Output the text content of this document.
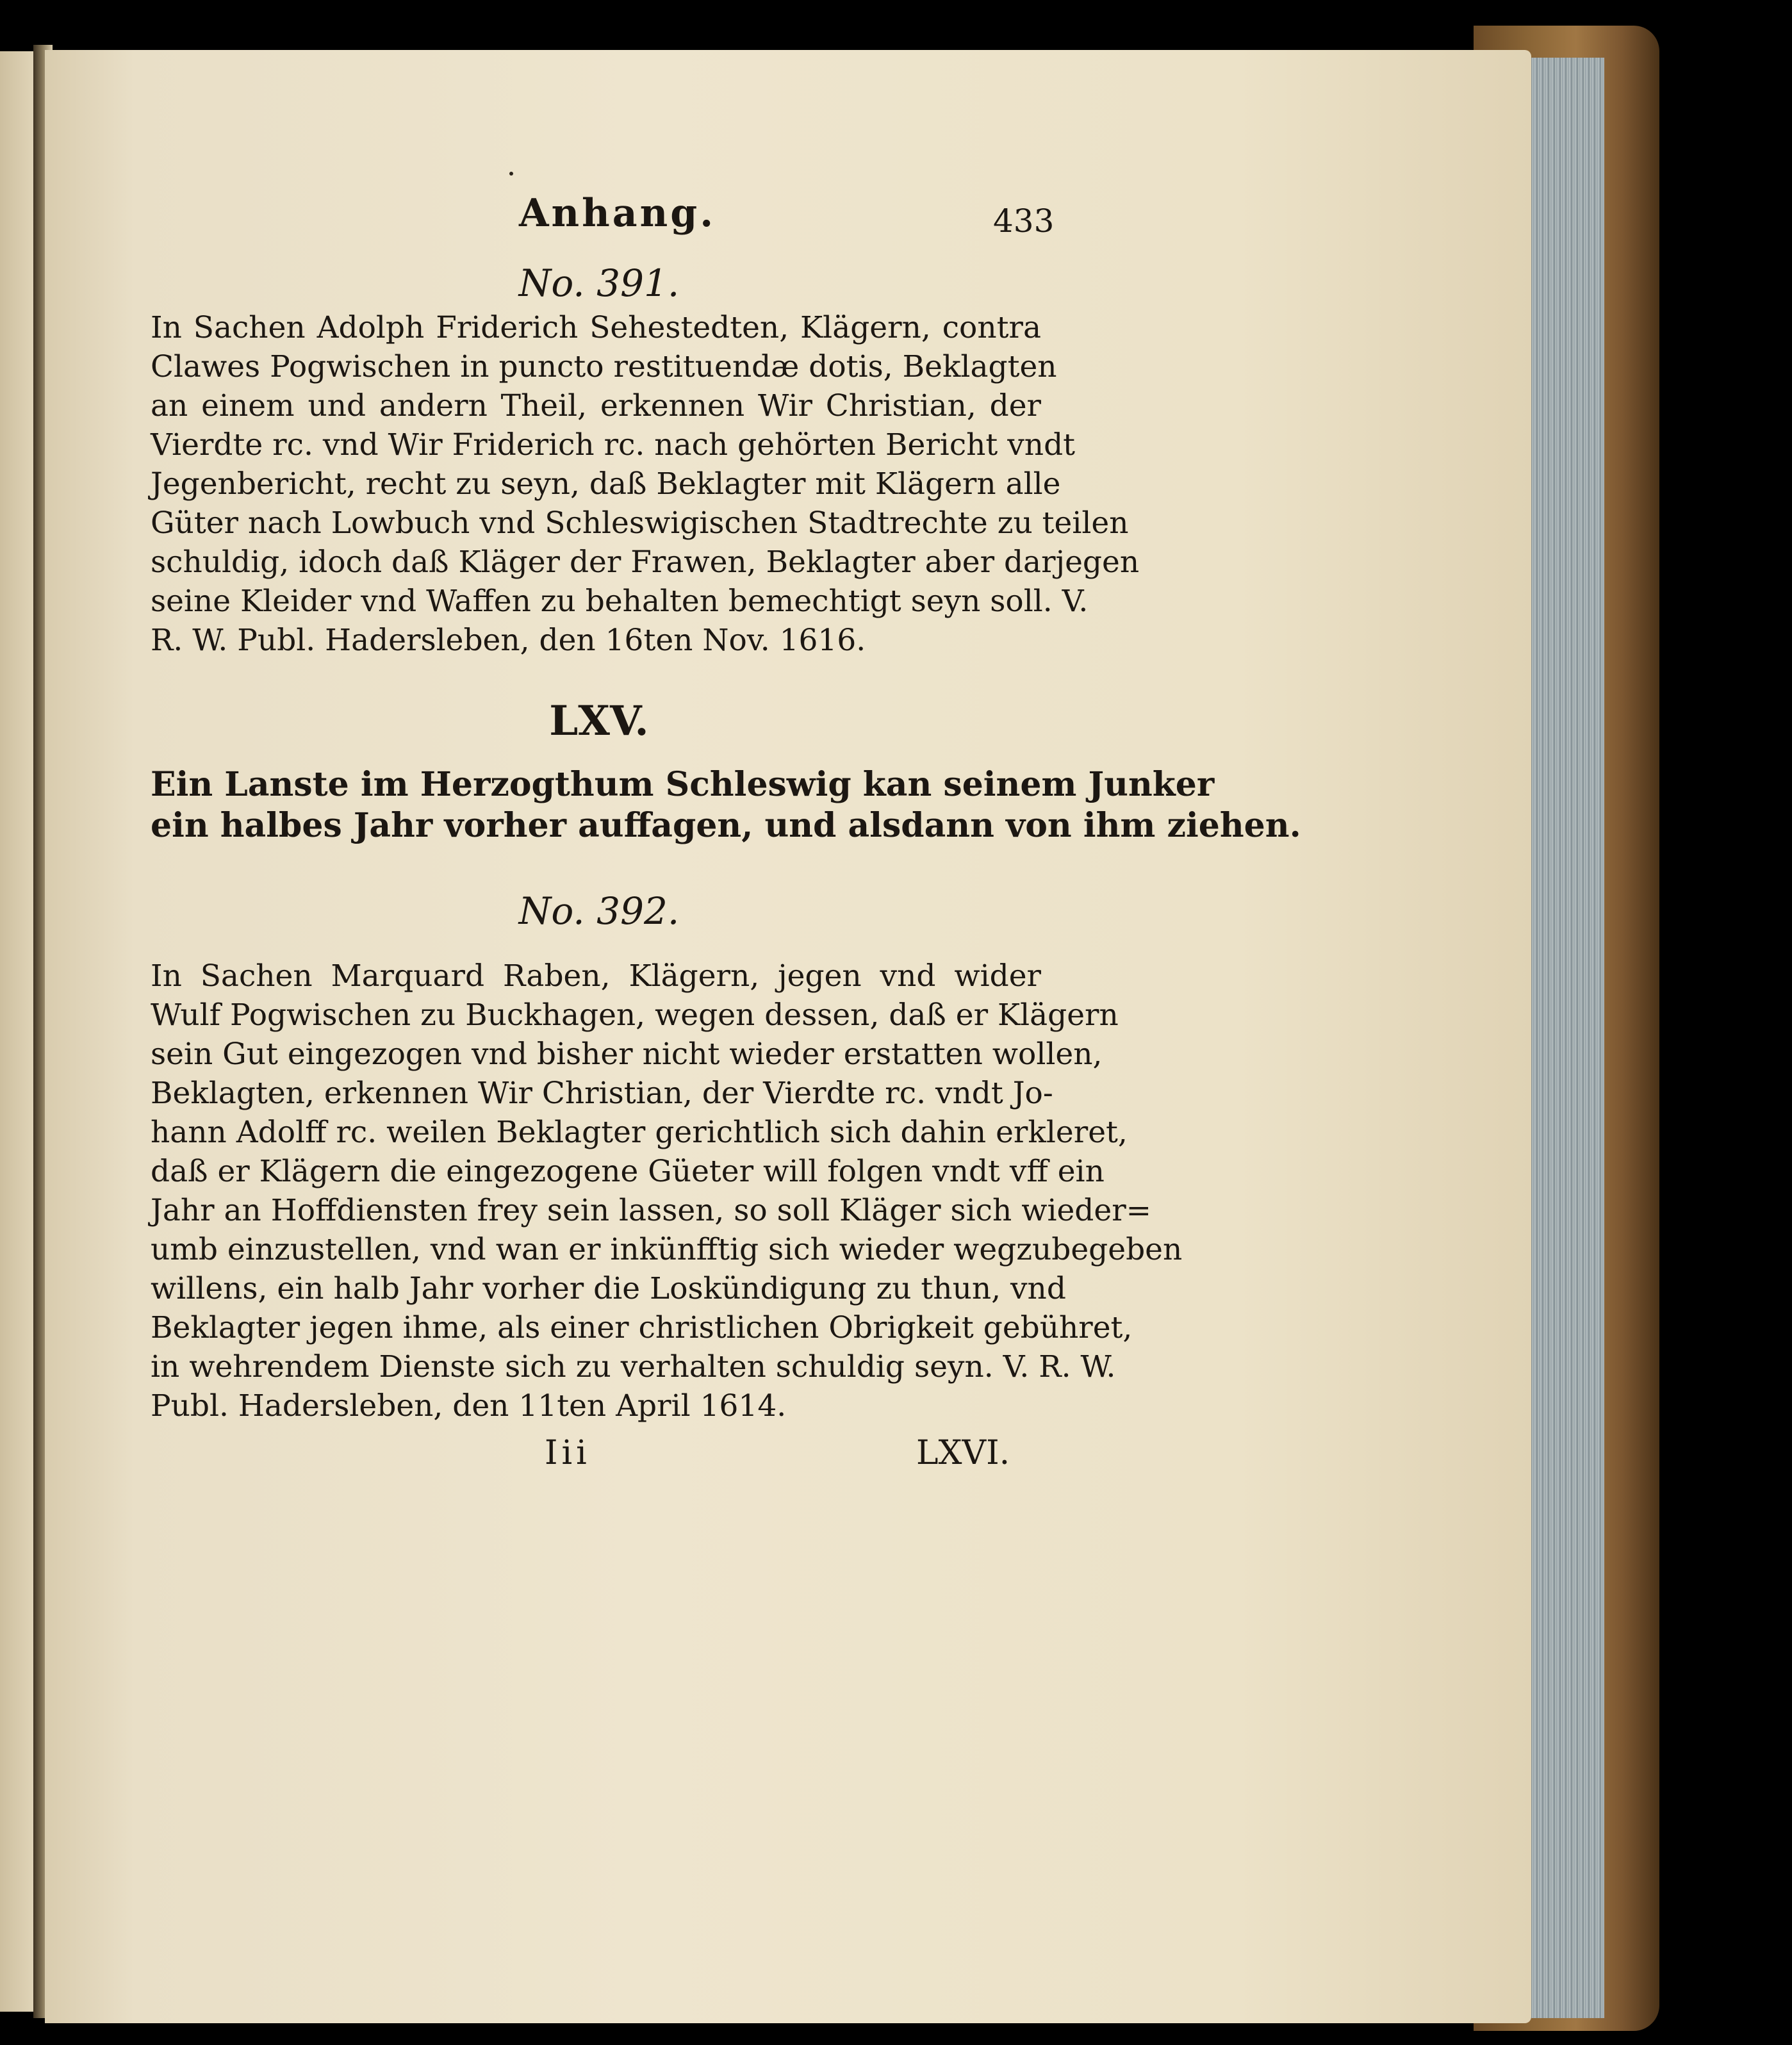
Anhang.	433
No. 391.
In Sachen Adolph Friderich Sehestedten, Klägern, contra
Clawes Pogwischen in puncto restituendæ dotis, Beklagten
an einem und andern Theil, erkennen Wir Christian, der
Vierdte rc. vnd Wir Friderich rc. nach gehörten Bericht vndt
Jegenbericht, recht zu seyn, daß Beklagter mit Klägern alle
Güter nach Lowbuch vnd Schleswigischen Stadtrechte zu teilen
schuldig, idoch daß Kläger der Frawen, Beklagter aber darjegen
seine Kleider vnd Waffen zu behalten bemechtigt seyn soll. V.
R. W. Publ. Hadersleben, den 16ten Nov. 1616.
LXV.
Ein Lanste im Herzogthum Schleswig kan seinem Junker
ein halbes Jahr vorher auffagen, und alsdann von ihm ziehen.
No. 392.
In Sachen Marquard Raben, Klägern, jegen vnd wider
Wulf Pogwischen zu Buckhagen, wegen dessen, daß er Klägern
sein Gut eingezogen vnd bisher nicht wieder erstatten wollen,
Beklagten, erkennen Wir Christian, der Vierdte rc. vndt Jo-
hann Adolff rc. weilen Beklagter gerichtlich sich dahin erkleret,
daß er Klägern die eingezogene Güeter will folgen vndt vff ein
Jahr an Hoffdiensten frey sein lassen, so soll Kläger sich wieder=
umb einzustellen, vnd wan er inkünfftig sich wieder wegzubegeben
willens, ein halb Jahr vorher die Loskündigung zu thun, vnd
Beklagter jegen ihme, als einer christlichen Obrigkeit gebühret,
in wehrendem Dienste sich zu verhalten schuldig seyn. V. R. W.
Publ. Hadersleben, den 11ten April 1614.
Iii	LXVI.
